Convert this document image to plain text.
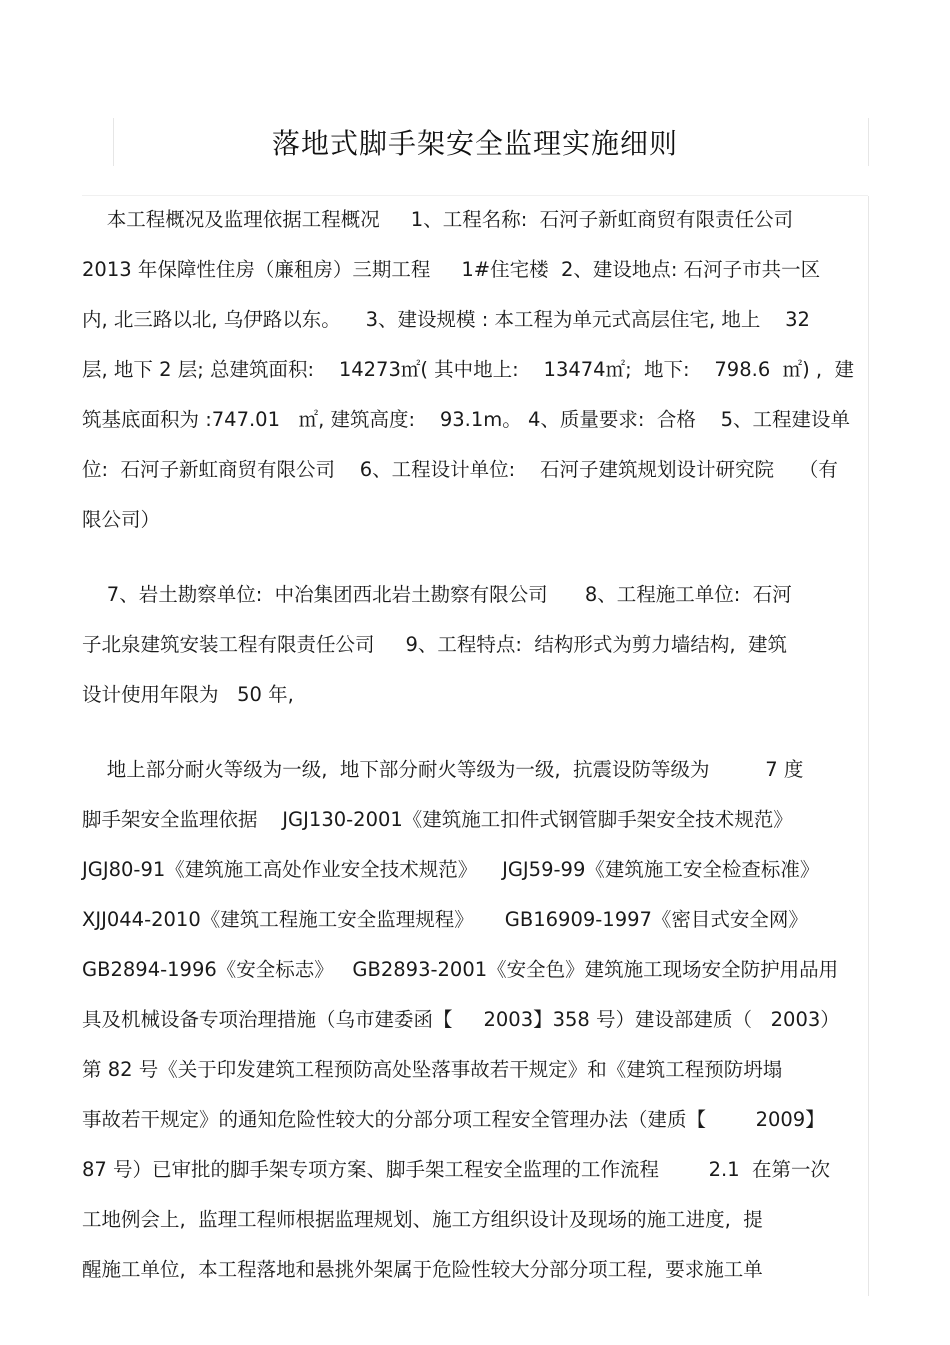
落地式脚手架安全监理实施细则
本工程概况及监理依据工程概况     1、工程名称:  石河子新虹商贸有限责任公司
2013 年保障性住房（廉租房）三期工程     1#住宅楼  2、建设地点: 石河子市共一区
内, 北三路以北, 乌伊路以东。    3、建设规模 : 本工程为单元式高层住宅, 地上    32
层, 地下 2 层; 总建筑面积:    14273㎡( 其中地上:    13474㎡;  地下:    798.6  ㎡) ,  建
筑基底面积为 :747.01   ㎡, 建筑高度:    93.1m。 4、质量要求:  合格    5、工程建设单
位:  石河子新虹商贸有限公司    6、工程设计单位:    石河子建筑规划设计研究院    （有
限公司）
7、岩土勘察单位:  中冶集团西北岩土勘察有限公司      8、工程施工单位:  石河
子北泉建筑安装工程有限责任公司     9、工程特点:  结构形式为剪力墙结构,  建筑
设计使用年限为   50 年,
地上部分耐火等级为一级,  地下部分耐火等级为一级,  抗震设防等级为         7 度
脚手架安全监理依据    JGJ130-2001《建筑施工扣件式钢管脚手架安全技术规范》
JGJ80-91《建筑施工高处作业安全技术规范》    JGJ59-99《建筑施工安全检查标准》
XJJ044-2010《建筑工程施工安全监理规程》     GB16909-1997《密目式安全网》
GB2894-1996《安全标志》   GB2893-2001《安全色》建筑施工现场安全防护用品用
具及机械设备专项治理措施（乌市建委函【     2003】358 号）建设部建质（   2003）
第 82 号《关于印发建筑工程预防高处坠落事故若干规定》和《建筑工程预防坍塌
事故若干规定》的通知危险性较大的分部分项工程安全管理办法（建质【        2009】
87 号）已审批的脚手架专项方案、脚手架工程安全监理的工作流程        2.1  在第一次
工地例会上,  监理工程师根据监理规划、施工方组织设计及现场的施工进度,  提
醒施工单位,  本工程落地和悬挑外架属于危险性较大分部分项工程,  要求施工单
